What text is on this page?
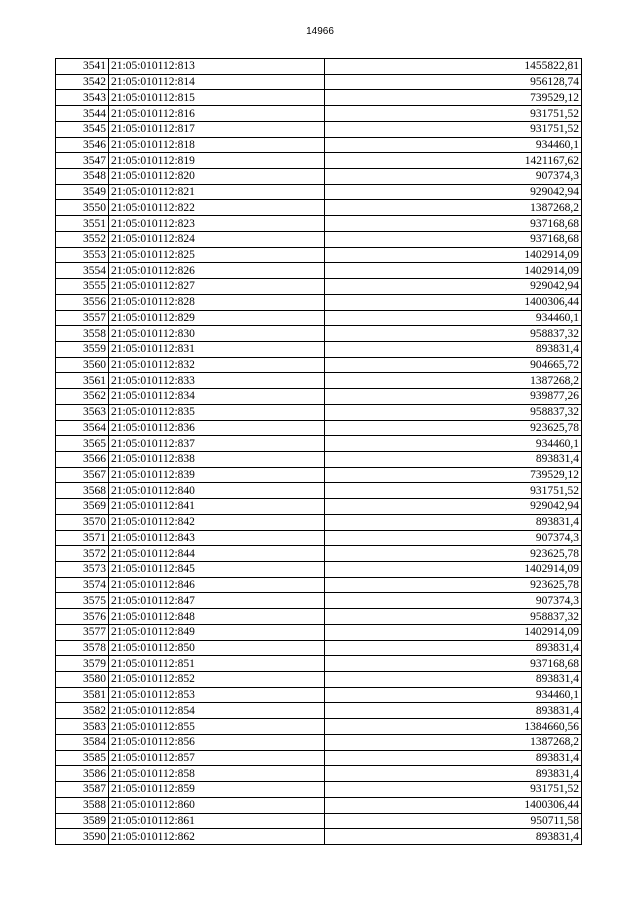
14966
3541	21:05:010112:813	1455822,81
3542	21:05:010112:814	956128,74
3543	21:05:010112:815	739529,12
3544	21:05:010112:816	931751,52
3545	21:05:010112:817	931751,52
3546	21:05:010112:818	934460,1
3547	21:05:010112:819	1421167,62
3548	21:05:010112:820	907374,3
3549	21:05:010112:821	929042,94
3550	21:05:010112:822	1387268,2
3551	21:05:010112:823	937168,68
3552	21:05:010112:824	937168,68
3553	21:05:010112:825	1402914,09
3554	21:05:010112:826	1402914,09
3555	21:05:010112:827	929042,94
3556	21:05:010112:828	1400306,44
3557	21:05:010112:829	934460,1
3558	21:05:010112:830	958837,32
3559	21:05:010112:831	893831,4
3560	21:05:010112:832	904665,72
3561	21:05:010112:833	1387268,2
3562	21:05:010112:834	939877,26
3563	21:05:010112:835	958837,32
3564	21:05:010112:836	923625,78
3565	21:05:010112:837	934460,1
3566	21:05:010112:838	893831,4
3567	21:05:010112:839	739529,12
3568	21:05:010112:840	931751,52
3569	21:05:010112:841	929042,94
3570	21:05:010112:842	893831,4
3571	21:05:010112:843	907374,3
3572	21:05:010112:844	923625,78
3573	21:05:010112:845	1402914,09
3574	21:05:010112:846	923625,78
3575	21:05:010112:847	907374,3
3576	21:05:010112:848	958837,32
3577	21:05:010112:849	1402914,09
3578	21:05:010112:850	893831,4
3579	21:05:010112:851	937168,68
3580	21:05:010112:852	893831,4
3581	21:05:010112:853	934460,1
3582	21:05:010112:854	893831,4
3583	21:05:010112:855	1384660,56
3584	21:05:010112:856	1387268,2
3585	21:05:010112:857	893831,4
3586	21:05:010112:858	893831,4
3587	21:05:010112:859	931751,52
3588	21:05:010112:860	1400306,44
3589	21:05:010112:861	950711,58
3590	21:05:010112:862	893831,4
